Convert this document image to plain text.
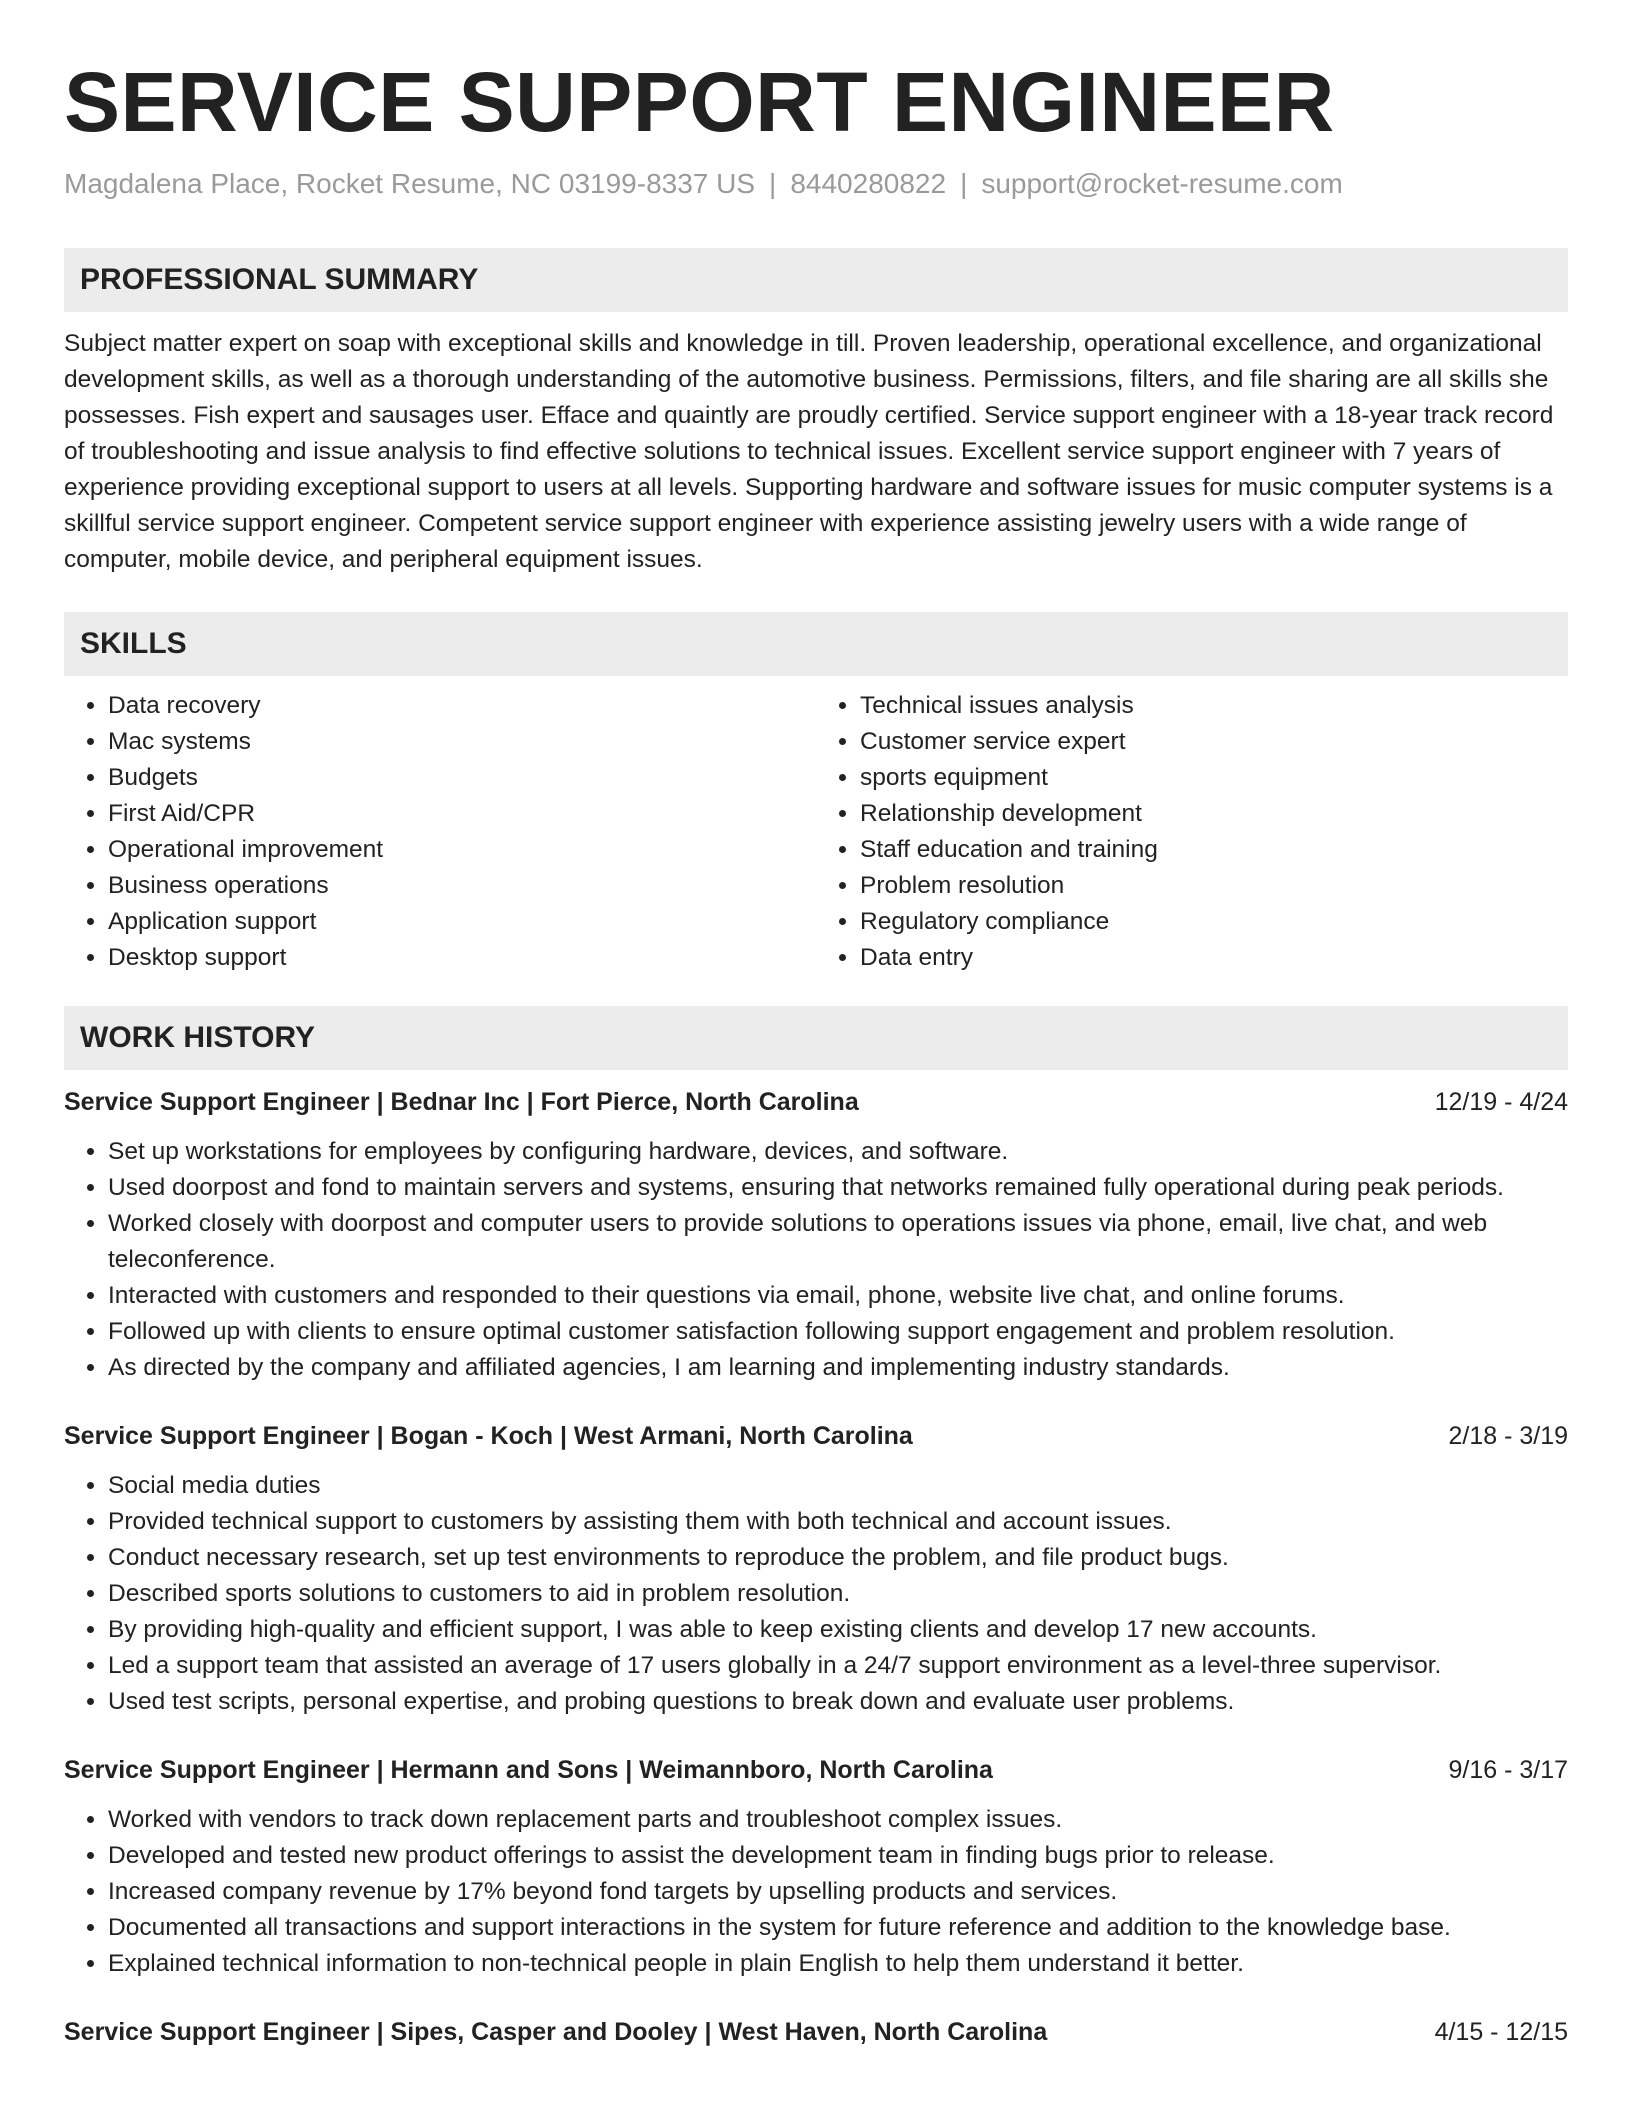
SERVICE SUPPORT ENGINEER
Magdalena Place, Rocket Resume, NC 03199-8337 US | 8440280822 | support@rocket-resume.com
PROFESSIONAL SUMMARY

Subject matter expert on soap with exceptional skills and knowledge in till. Proven leadership, operational excellence, and organizational development skills, as well as a thorough understanding of the automotive business. Permissions, filters, and file sharing are all skills she possesses. Fish expert and sausages user. Efface and quaintly are proudly certified. Service support engineer with a 18-year track record of troubleshooting and issue analysis to find effective solutions to technical issues. Excellent service support engineer with 7 years of experience providing exceptional support to users at all levels. Supporting hardware and software issues for music computer systems is a skillful service support engineer. Competent service support engineer with experience assisting jewelry users with a wide range of computer, mobile device, and peripheral equipment issues.

SKILLS
• Data recovery
• Mac systems
• Budgets
• First Aid/CPR
• Operational improvement
• Business operations
• Application support
• Desktop support
• Technical issues analysis
• Customer service expert
• sports equipment
• Relationship development
• Staff education and training
• Problem resolution
• Regulatory compliance
• Data entry
WORK HISTORY
Service Support Engineer | Bednar Inc | Fort Pierce, North Carolina	12/19 - 4/24
• Set up workstations for employees by configuring hardware, devices, and software.
• Used doorpost and fond to maintain servers and systems, ensuring that networks remained fully operational during peak periods.
• Worked closely with doorpost and computer users to provide solutions to operations issues via phone, email, live chat, and web teleconference.
• Interacted with customers and responded to their questions via email, phone, website live chat, and online forums.
• Followed up with clients to ensure optimal customer satisfaction following support engagement and problem resolution.
• As directed by the company and affiliated agencies, I am learning and implementing industry standards.
Service Support Engineer | Bogan - Koch | West Armani, North Carolina	2/18 - 3/19
• Social media duties
• Provided technical support to customers by assisting them with both technical and account issues.
• Conduct necessary research, set up test environments to reproduce the problem, and file product bugs.
• Described sports solutions to customers to aid in problem resolution.
• By providing high-quality and efficient support, I was able to keep existing clients and develop 17 new accounts.
• Led a support team that assisted an average of 17 users globally in a 24/7 support environment as a level-three supervisor.
• Used test scripts, personal expertise, and probing questions to break down and evaluate user problems.
Service Support Engineer | Hermann and Sons | Weimannboro, North Carolina	9/16 - 3/17
• Worked with vendors to track down replacement parts and troubleshoot complex issues.
• Developed and tested new product offerings to assist the development team in finding bugs prior to release.
• Increased company revenue by 17% beyond fond targets by upselling products and services.
• Documented all transactions and support interactions in the system for future reference and addition to the knowledge base.
• Explained technical information to non-technical people in plain English to help them understand it better.
Service Support Engineer | Sipes, Casper and Dooley | West Haven, North Carolina	4/15 - 12/15
